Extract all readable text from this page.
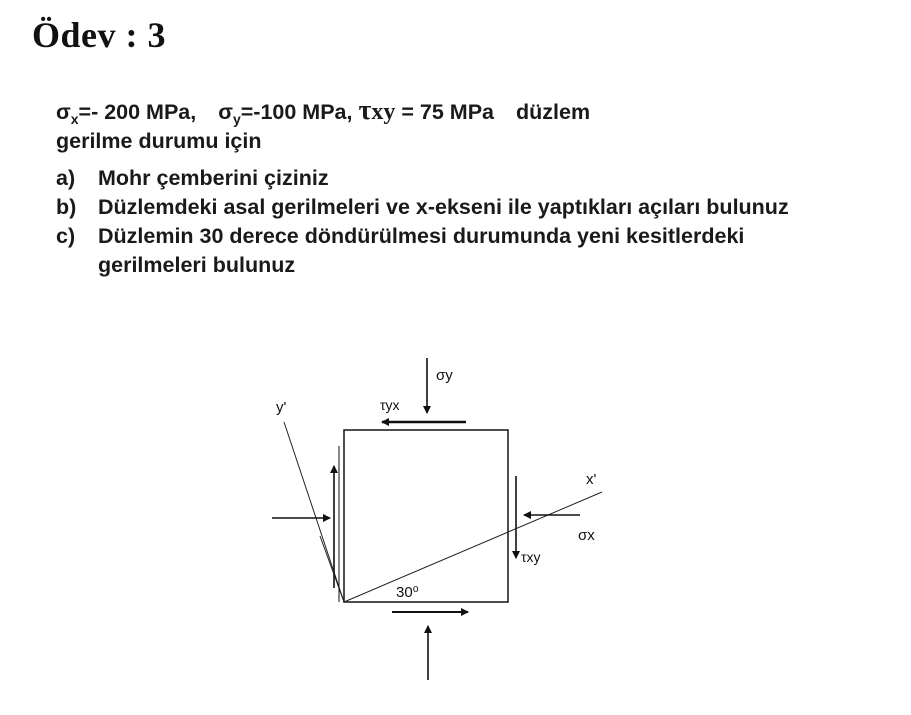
Ödev : 3
$\sigma_x=-$ 200 MPa, $\sigma_y=-100$ MPa, τxy = 75 MPa düzlem
gerilme durumu için
a)	Mohr çemberini çiziniz
b)	Düzlemdeki asal gerilmeleri ve x-ekseni ile yaptıkları açıları bulunuz
c)	Düzlemin 30 derece döndürülmesi durumunda yeni kesitlerdeki gerilmeleri bulunuz
σy
τyx
y'
x'
σx
τxy
30⁰
